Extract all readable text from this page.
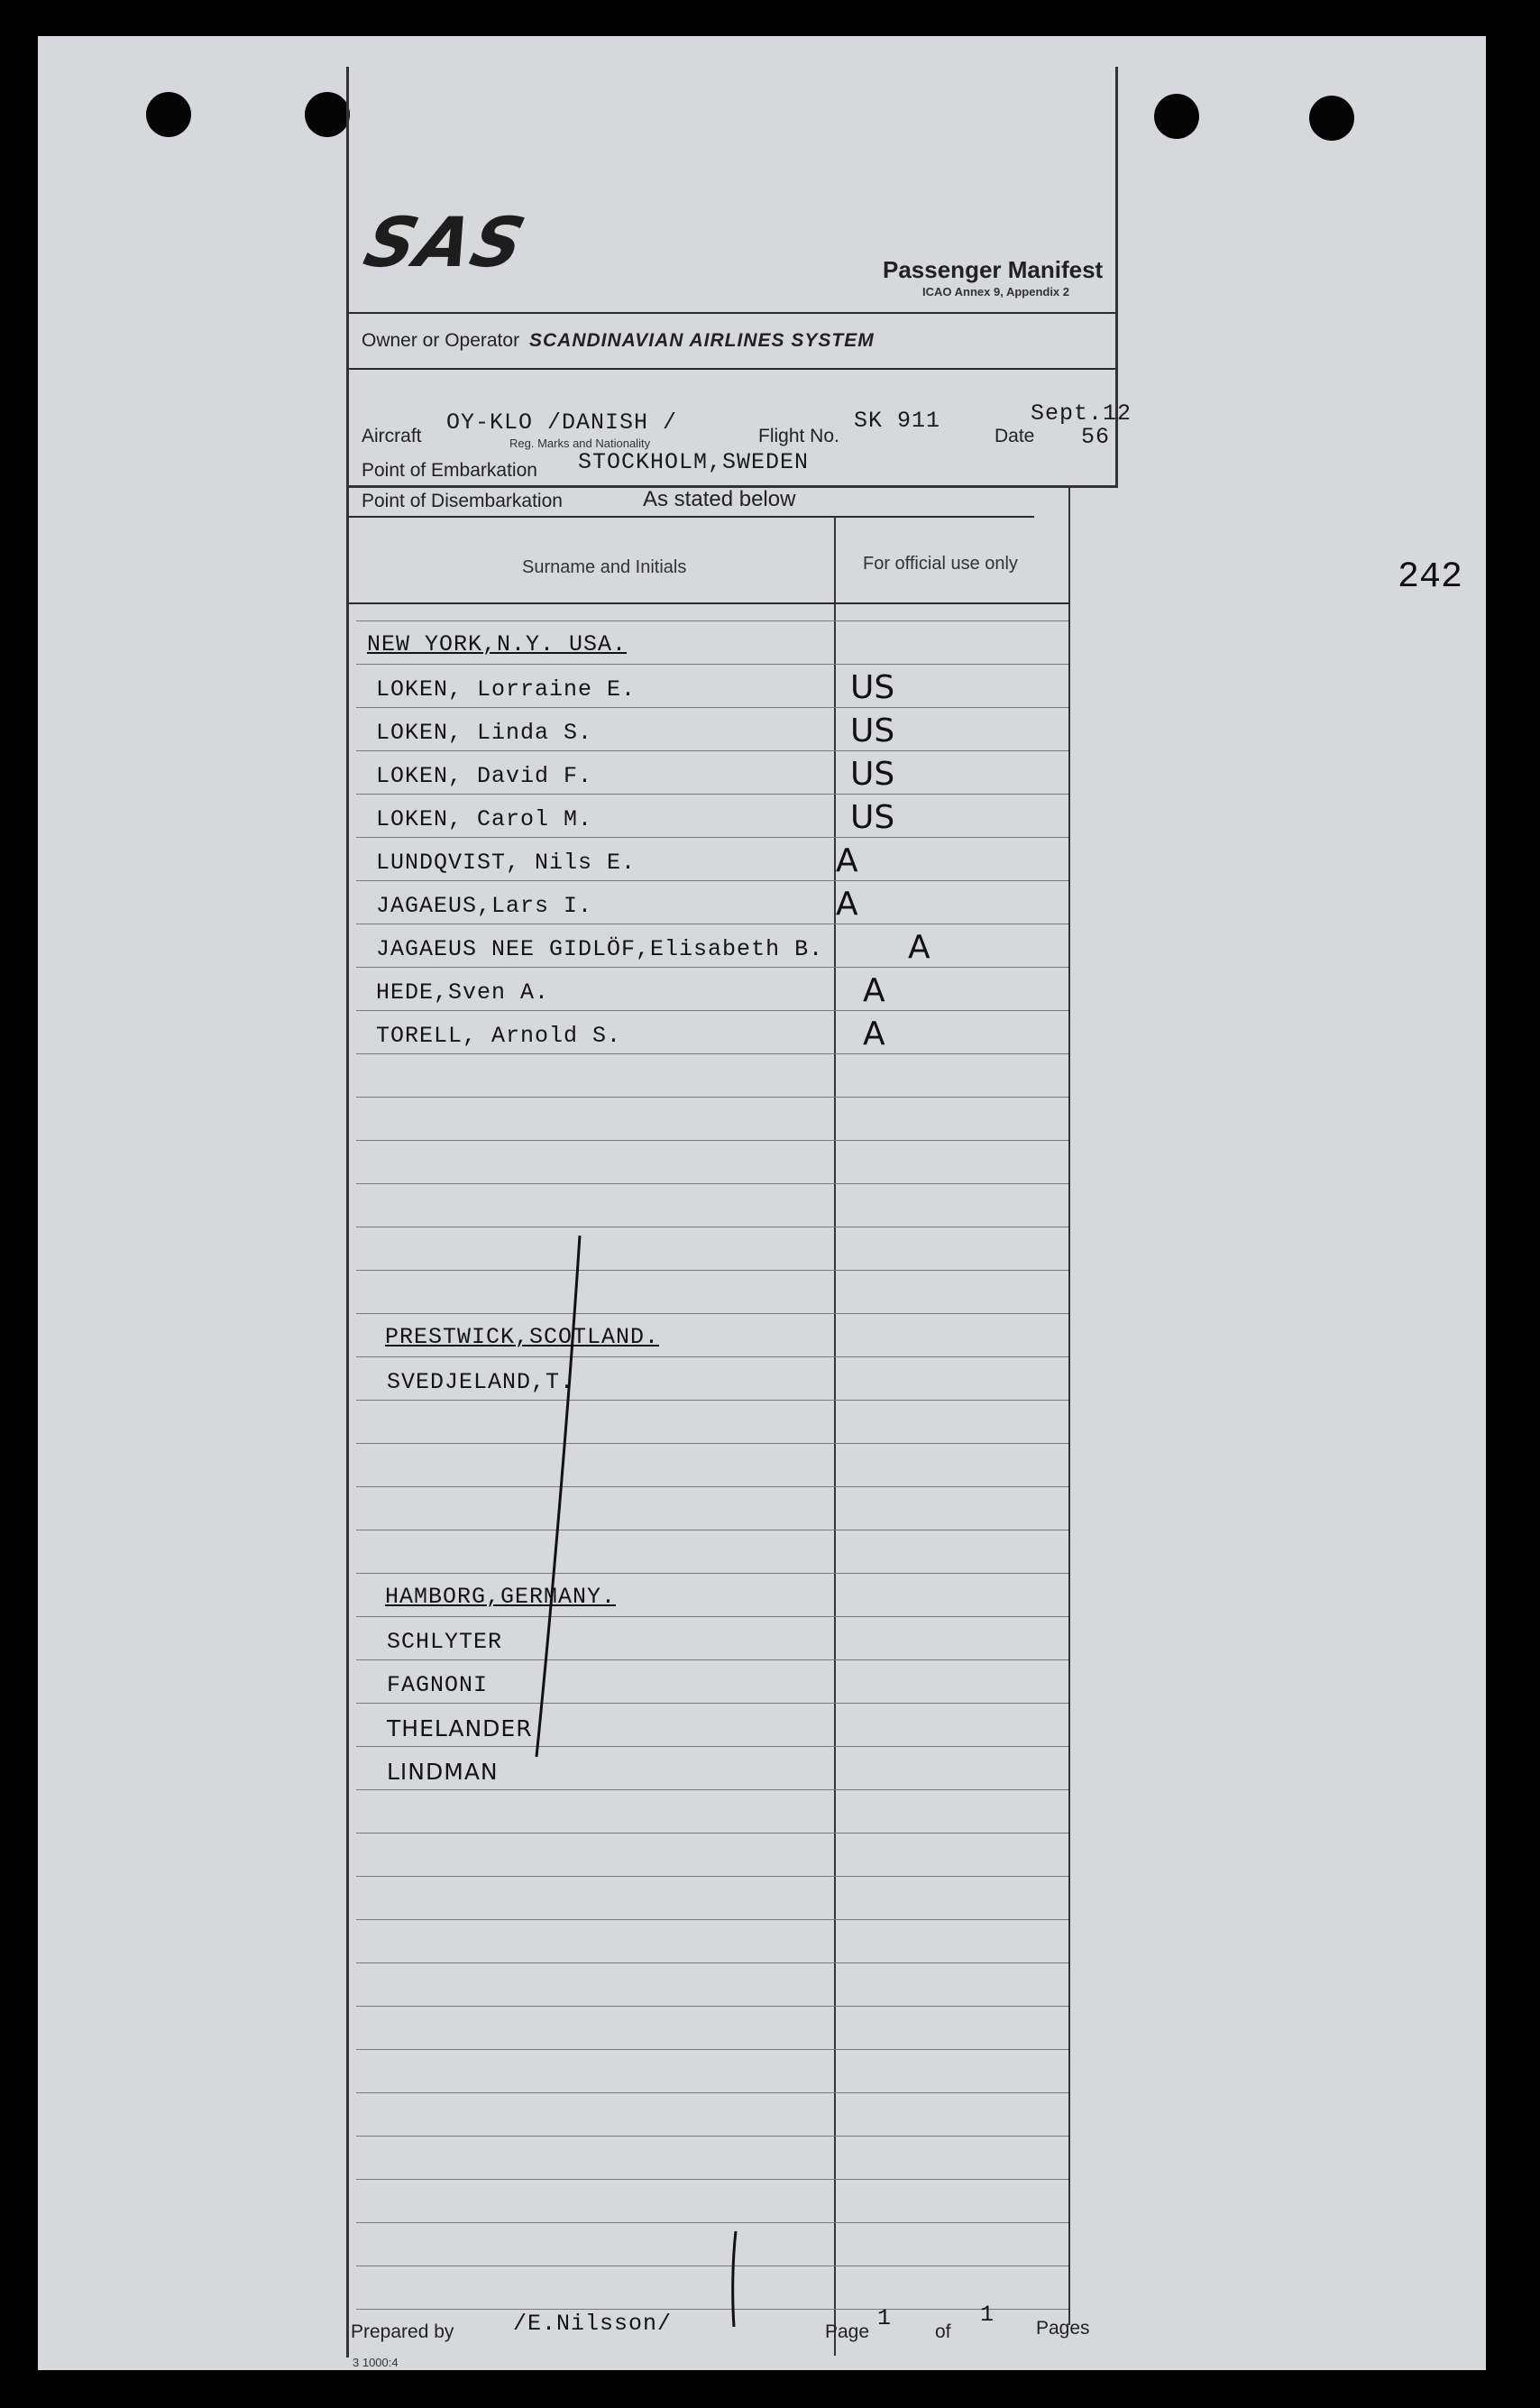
242
SAS	Passenger Manifest
ICAO Annex 9, Appendix 2
Owner or Operator SCANDINAVIAN AIRLINES SYSTEM
Aircraft
OY-KLO /DANISH /
Reg. Marks and Nationality	Flight No.
SK 911
Date
Sept.12
56
Point of Embarkation STOCKHOLM,SWEDEN
Point of Disembarkation	As stated below
Surname and Initials	For official use only
NEW YORK,N.Y. USA.
LOKEN, Lorraine E.	US
LOKEN, Linda S.	US
LOKEN, David F.	US
LOKEN, Carol M.	US
LUNDQVIST, Nils E.	A
JAGAEUS,Lars I.	A
JAGAEUS NEE GIDLÖF,Elisabeth B.	A
HEDE,Sven A.	A
TORELL, Arnold S.	A
PRESTWICK,SCOTLAND.
SVEDJELAND,T.
HAMBORG,GERMANY.
SCHLYTER
FAGNONI
THELANDER
LINDMAN
Prepared by	/E.Nilsson/	Page
1
of
1
Pages
3 1000:4
